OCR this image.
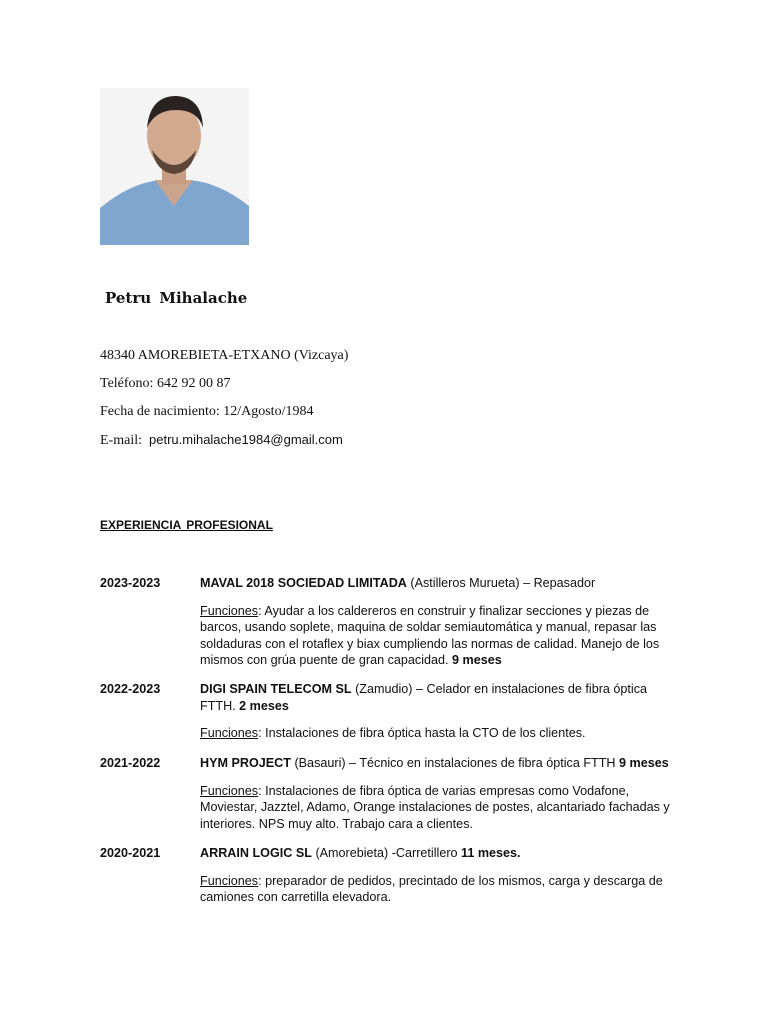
Petru Mihalache
48340 AMOREBIETA-ETXANO (Vizcaya)
Teléfono: 642 92 00 87
Fecha de nacimiento: 12/Agosto/1984
E-mail: petru.mihalache1984@gmail.com
EXPERIENCIA PROFESIONAL
2023-2023	MAVAL 2018 SOCIEDAD LIMITADA (Astilleros Murueta) – Repasador
Funciones: Ayudar a los caldereros en construir y finalizar secciones y piezas de barcos, usando soplete, maquina de soldar semiautomática y manual, repasar las soldaduras con el rotaflex y biax cumpliendo las normas de calidad. Manejo de los mismos con grúa puente de gran capacidad. 9 meses
2022-2023	DIGI SPAIN TELECOM SL (Zamudio) – Celador en instalaciones de fibra óptica FTTH. 2 meses
Funciones: Instalaciones de fibra óptica hasta la CTO de los clientes.
2021-2022	HYM PROJECT (Basauri) – Técnico en instalaciones de fibra óptica FTTH 9 meses
Funciones: Instalaciones de fibra óptica de varias empresas como Vodafone, Moviestar, Jazztel, Adamo, Orange instalaciones de postes, alcantariado fachadas y interiores. NPS muy alto. Trabajo cara a clientes.
2020-2021	ARRAIN LOGIC SL (Amorebieta) -Carretillero 11 meses.
Funciones: preparador de pedidos, precintado de los mismos, carga y descarga de camiones con carretilla elevadora.
